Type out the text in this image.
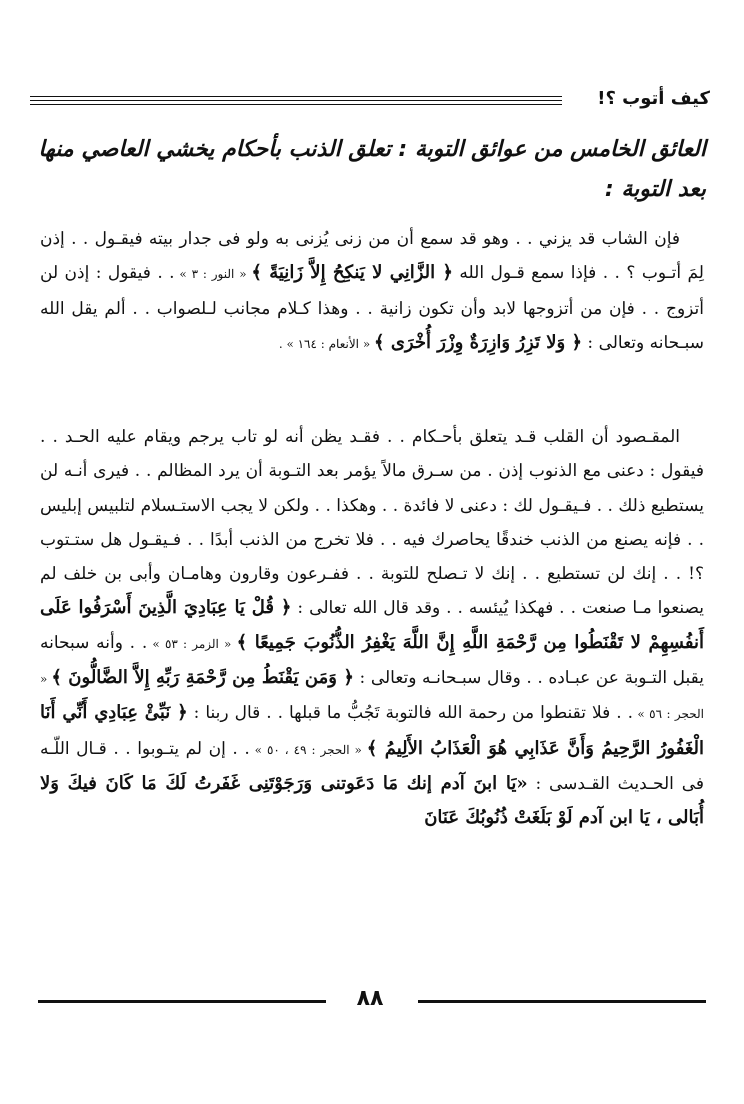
كيف أتوب ؟!
العائق الخامس من عوائق التوبة : تعلق الذنب بأحكام يخشي العاصي منها بعد التوبة :
فإن الشاب قد يزني . . وهو قد سمع أن من زنى يُزنى به ولو فى جدار بيته فيقـول . . إذن لِمَ أتـوب ؟ . . فإذا سمع قـول الله ﴿ الزَّانِي لا يَنكِحُ إِلاَّ زَانِيَةً ﴾ « النور : ٣ » . . فيقول : إذن لن أتزوج . . فإن من أتزوجها لابد وأن تكون زانية . . وهذا كـلام مجانب لـلصواب . . ألم يقل الله سبـحانه وتعالى : ﴿ وَلا تَزِرُ وَازِرَةٌ وِزْرَ أُخْرَى ﴾ « الأنعام : ١٦٤ » .
المقـصود أن القلب قـد يتعلق بأحـكام . . فقـد يظن أنه لو تاب يرجم ويقام عليه الحـد . . فيقول : دعنى مع الذنوب إذن . من سـرق مالاً يؤمر بعد التـوبة أن يرد المظالم . . فيرى أنـه لن يستطيع ذلك . . فـيقـول لك : دعنى لا فائدة . . وهكذا . . ولكن لا يجب الاستـسلام لتلبيس إبليس . . فإنه يصنع من الذنب خندقًا يحاصرك فيه . . فلا تخرج من الذنب أبدًا . . فـيقـول هل ستـتوب ؟! . . إنك لن تستطيع . . إنك لا تـصلح للتوبة . . ففـرعون وقارون وهامـان وأبى بن خلف لم يصنعوا مـا صنعت . . فهكذا يُيئسه . . وقد قال الله تعالى : ﴿ قُلْ يَا عِبَادِيَ الَّذِينَ أَسْرَفُوا عَلَى أَنفُسِهِمْ لا تَقْنَطُوا مِن رَّحْمَةِ اللَّهِ إِنَّ اللَّهَ يَغْفِرُ الذُّنُوبَ جَمِيعًا ﴾ « الزمر : ٥٣ » . . وأنه سبحانه يقبل التـوبة عن عبـاده . . وقال سبـحانـه وتعالى : ﴿ وَمَن يَقْنَطُ مِن رَّحْمَةِ رَبِّهِ إِلاَّ الضَّالُّونَ ﴾ « الحجر : ٥٦ » . . فلا تقنطوا من رحمة الله فالتوبة تَجُبُّ ما قبلها . . قال ربنا : ﴿ نَبِّئْ عِبَادِي أَنِّي أَنَا الْغَفُورُ الرَّحِيمُ وَأَنَّ عَذَابِي هُوَ الْعَذَابُ الأَلِيمُ ﴾ « الحجر : ٤٩ ، ٥٠ » . . إن لم يتـوبوا . . قـال اللّـه فى الحـديث القـدسى : «يَا ابنَ آدم إنك مَا دَعَوتنى وَرَجَوْتَنِى غَفَرتُ لَكَ مَا كَانَ فيكَ وَلا أُبَالى ، يَا ابن آدم لَوْ بَلَغَتْ ذُنُوبُكَ عَنَانَ
٨٨
